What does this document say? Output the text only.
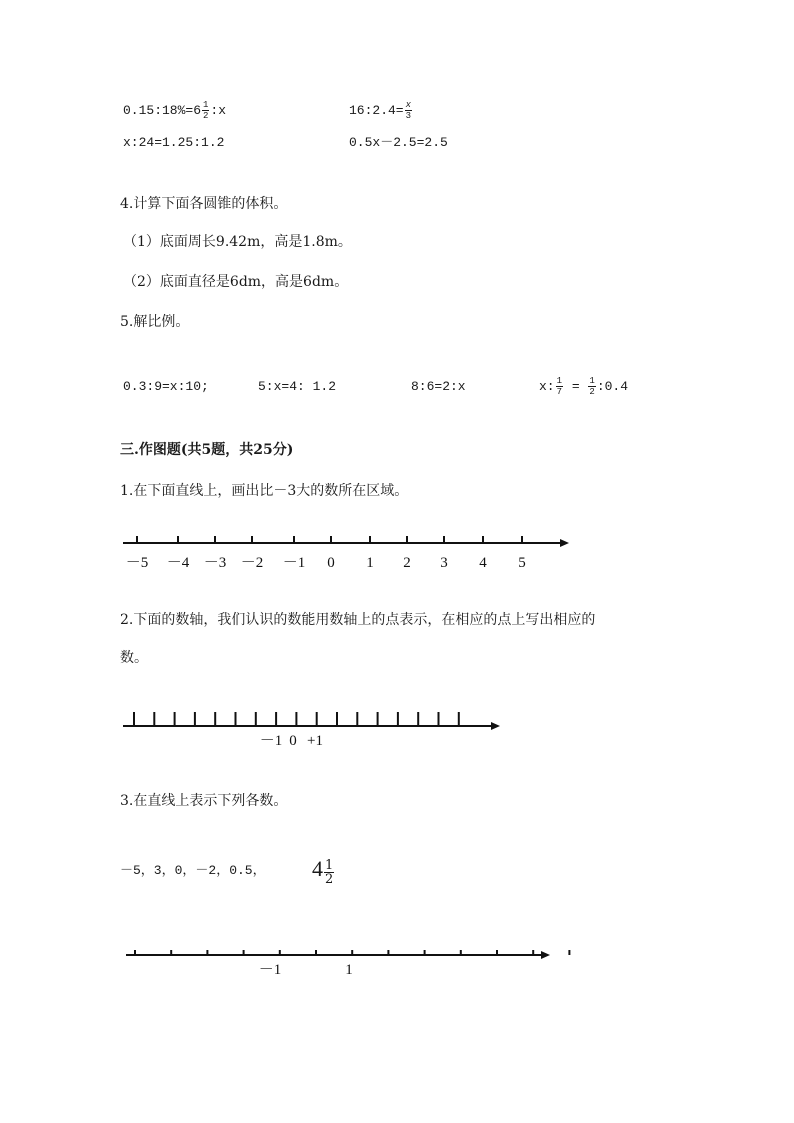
0.15:18%=6 $\frac{1}{2}$ :x	16:2.4= $\frac{x}{3}$
x:24=1.25:1.2	0.5x－2.5=2.5
4.计算下面各圆锥的体积。
（1）底面周长9.42m，高是1.8m。
（2）底面直径是6dm，高是6dm。
5.解比例。
0.3:9=x:10;	5:x=4: 1.2	8:6=2:x	x: $\frac{1}{7} = \frac{1}{2}$ :0.4
三.作图题(共5题，共25分)
1.在下面直线上，画出比－3大的数所在区域。
2.下面的数轴，我们认识的数能用数轴上的点表示，在相应的点上写出相应的
数。
3.在直线上表示下列各数。
－5，3，0，－2，0.5， $4 \frac{1}{2}$
－5 －4 －3 －2 －1 0 1 2 3 4 5
－1 0 +1
－1	1
